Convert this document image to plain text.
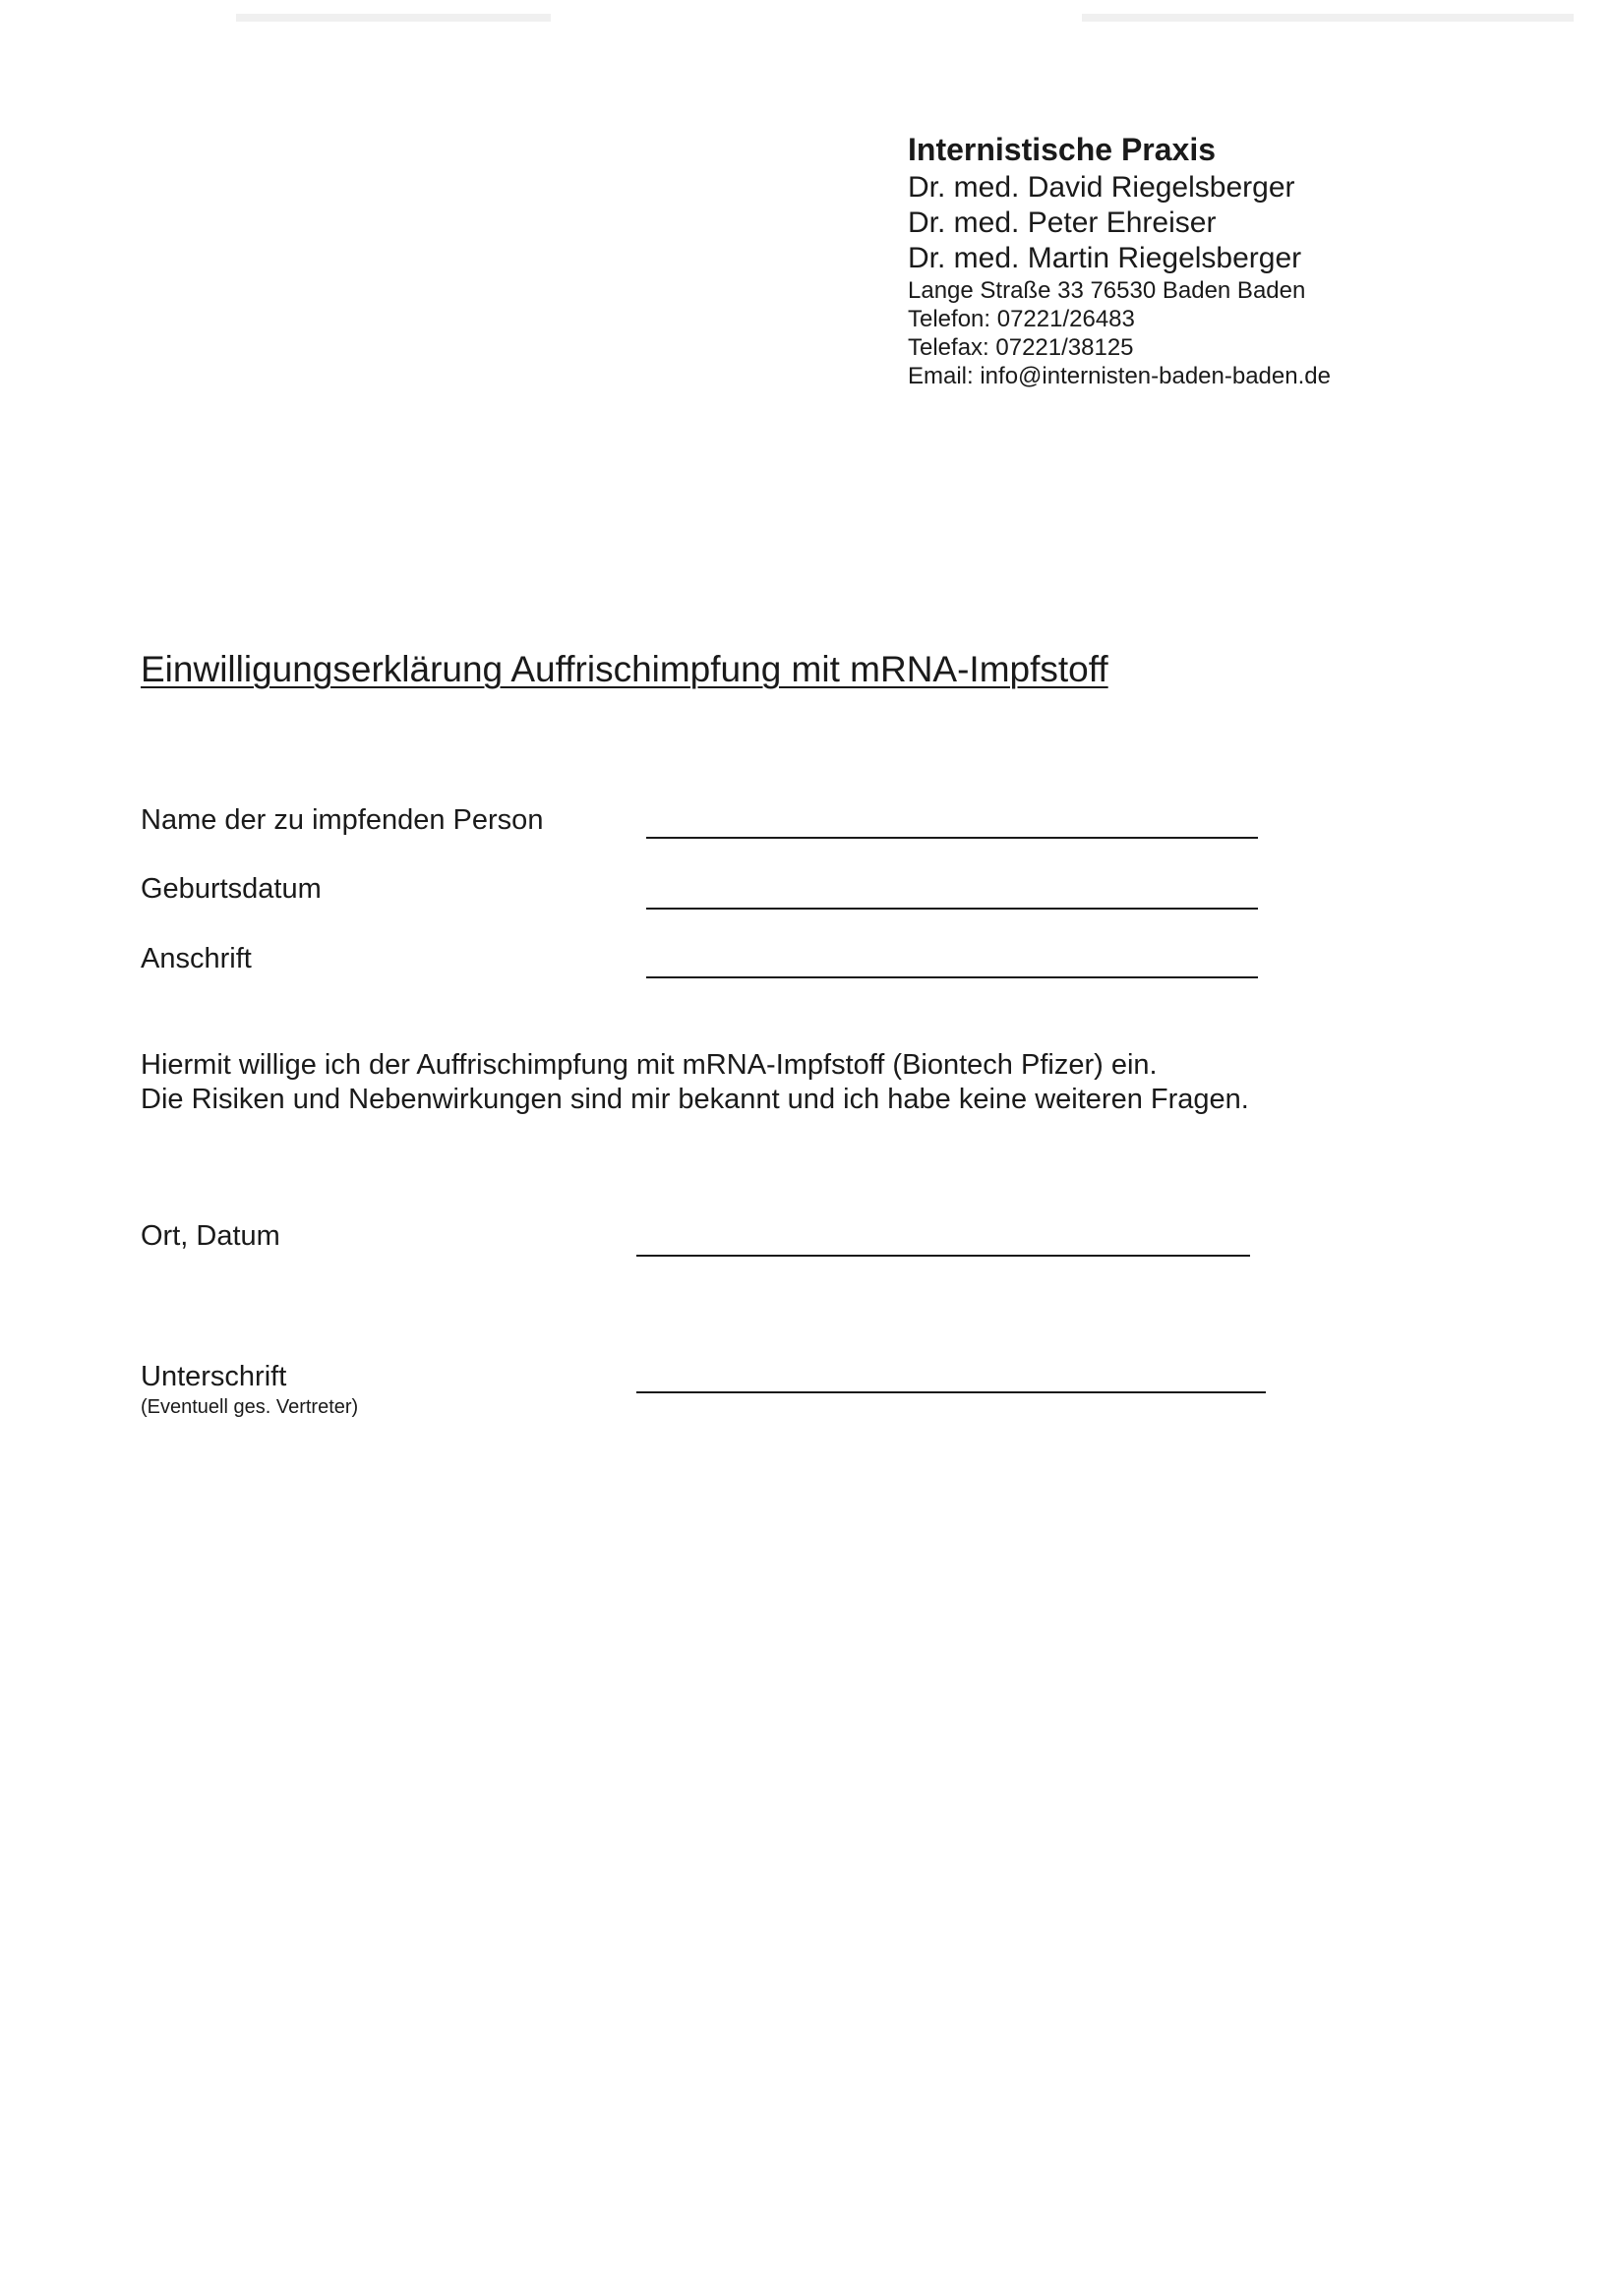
Internistische Praxis
Dr. med. David Riegelsberger
Dr. med. Peter Ehreiser
Dr. med. Martin Riegelsberger
Lange Straße 33 76530 Baden Baden
Telefon: 07221/26483
Telefax: 07221/38125
Email: info@internisten-baden-baden.de
Einwilligungserklärung Auffrischimpfung mit mRNA-Impfstoff
Name der zu impfenden Person
Geburtsdatum
Anschrift
Hiermit willige ich der Auffrischimpfung mit mRNA-Impfstoff (Biontech Pfizer) ein.
Die Risiken und Nebenwirkungen sind mir bekannt und ich habe keine weiteren Fragen.
Ort, Datum
Unterschrift
(Eventuell ges. Vertreter)
